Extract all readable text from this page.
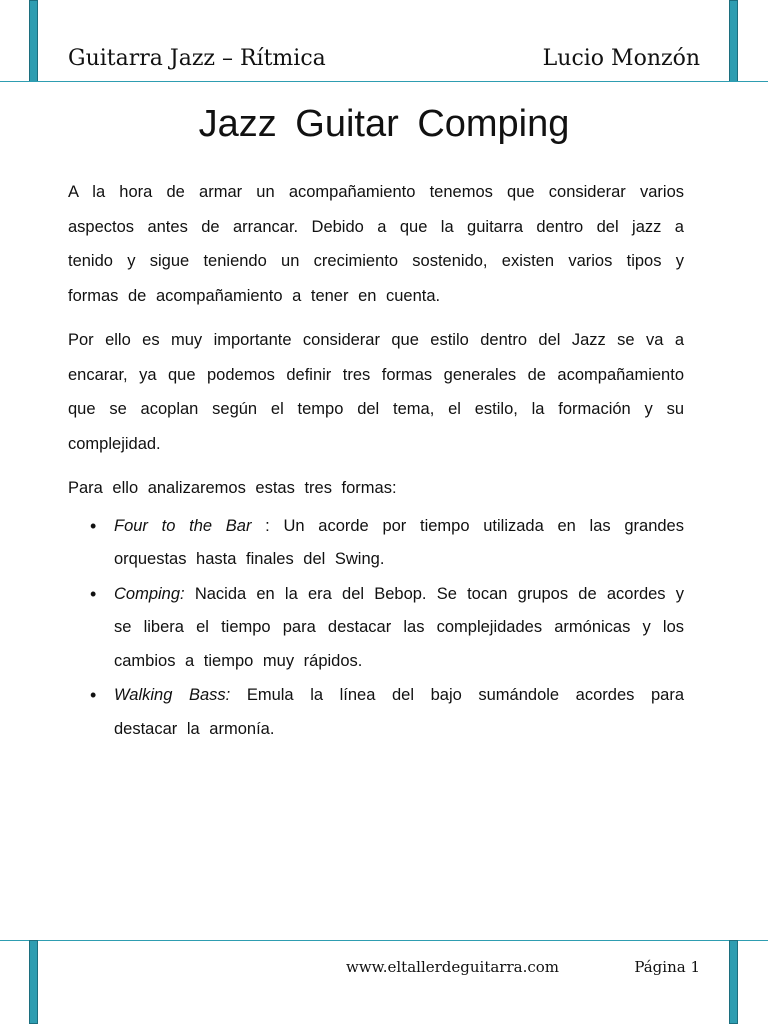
Guitarra Jazz – Rítmica	Lucio Monzón
Jazz Guitar Comping

A la hora de armar un acompañamiento tenemos que considerar varios aspectos antes de arrancar. Debido a que la guitarra dentro del jazz a tenido y sigue teniendo un crecimiento sostenido, existen varios tipos y formas de acompañamiento a tener en cuenta.

Por ello es muy importante considerar que estilo dentro del Jazz se va a encarar, ya que podemos definir tres formas generales de acompañamiento que se acoplan según el tempo del tema, el estilo, la formación y su complejidad.

Para ello analizaremos estas tres formas:

• Four to the Bar : Un acorde por tiempo utilizada en las grandes orquestas hasta finales del Swing.
• Comping: Nacida en la era del Bebop. Se tocan grupos de acordes y se libera el tiempo para destacar las complejidades armónicas y los cambios a tiempo muy rápidos.
• Walking Bass: Emula la línea del bajo sumándole acordes para destacar la armonía.
www.eltallerdeguitarra.com	Página 1
